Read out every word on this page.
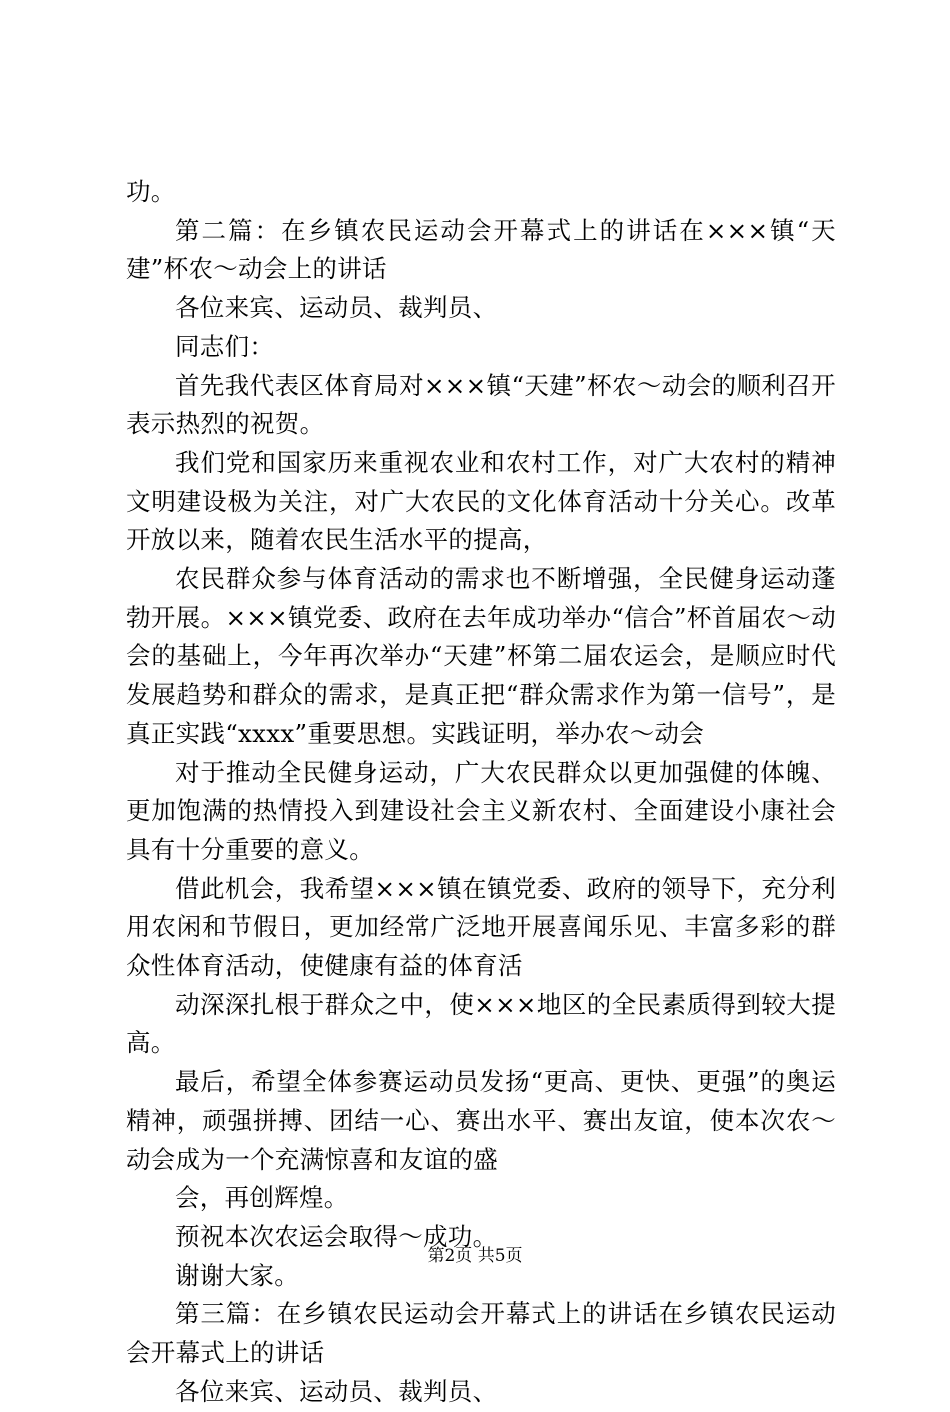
功。

第二篇：在乡镇农民运动会开幕式上的讲话在×××镇“天建”杯农～动会上的讲话

各位来宾、运动员、裁判员、

同志们：

首先我代表区体育局对×××镇“天建”杯农～动会的顺利召开表示热烈的祝贺。

我们党和国家历来重视农业和农村工作，对广大农村的精神文明建设极为关注，对广大农民的文化体育活动十分关心。改革开放以来，随着农民生活水平的提高，

农民群众参与体育活动的需求也不断增强，全民健身运动蓬勃开展。×××镇党委、政府在去年成功举办“信合”杯首届农～动会的基础上，今年再次举办“天建”杯第二届农运会，是顺应时代发展趋势和群众的需求，是真正把“群众需求作为第一信号”，是真正实践“xxxx”重要思想。实践证明，举办农～动会

对于推动全民健身运动，广大农民群众以更加强健的体魄、更加饱满的热情投入到建设社会主义新农村、全面建设小康社会具有十分重要的意义。

借此机会，我希望×××镇在镇党委、政府的领导下，充分利用农闲和节假日，更加经常广泛地开展喜闻乐见、丰富多彩的群众性体育活动，使健康有益的体育活

动深深扎根于群众之中，使×××地区的全民素质得到较大提高。

最后，希望全体参赛运动员发扬“更高、更快、更强”的奥运精神，顽强拼搏、团结一心、赛出水平、赛出友谊，使本次农～动会成为一个充满惊喜和友谊的盛

会，再创辉煌。

预祝本次农运会取得～成功。

谢谢大家。

第三篇：在乡镇农民运动会开幕式上的讲话在乡镇农民运动会开幕式上的讲话

各位来宾、运动员、裁判员、

第2页 共5页
